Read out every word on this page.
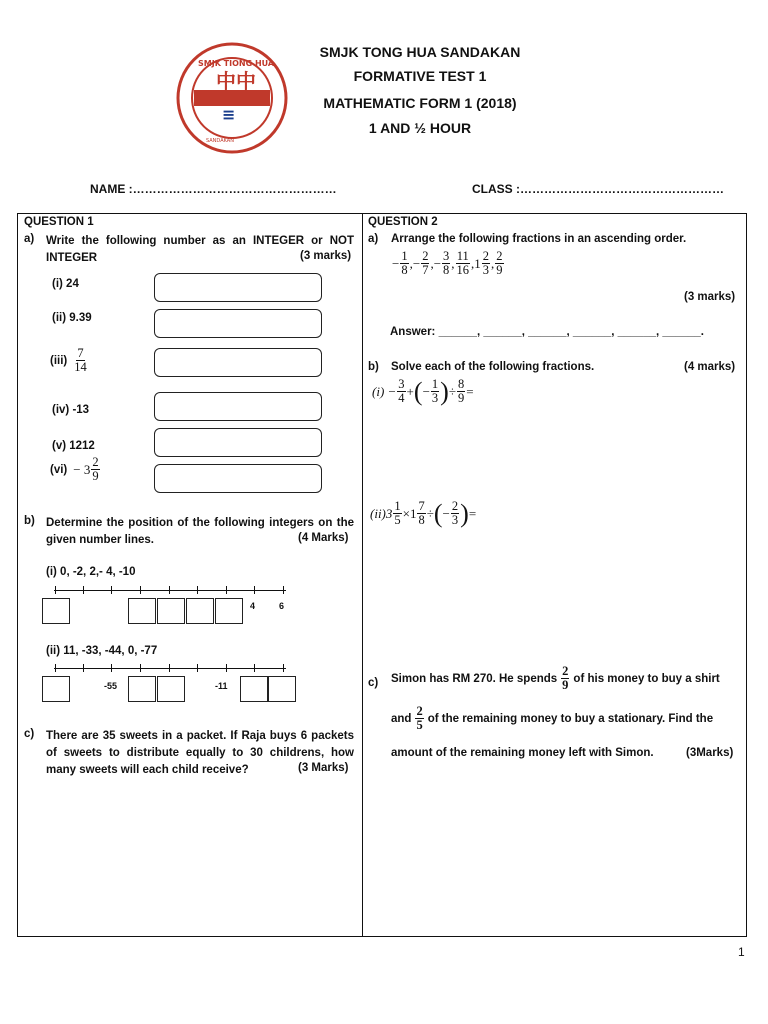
中中
≡
SMJK TIONG HUA
SANDAKAN
SMJK TONG HUA SANDAKAN
FORMATIVE TEST 1
MATHEMATIC FORM 1 (2018)
1 AND ½ HOUR
NAME :……………………………………………	CLASS :……………………………………………
QUESTION 1
a) Write the following number as an INTEGER or NOT INTEGER	(3 marks)
(i) 24
(ii) 9.39
$(iii) \frac{7}{14}$
(iv) -13
(v) 1212
$(vi) - 3 \frac{2}{9}$
b) Determine the position of the following integers on the given number lines.	(4 Marks)
(i) 0, -2, 2,- 4, -10
4	6
(ii) 11, -33, -44, 0, -77
-55	-11
c) There are 35 sweets in a packet. If Raja buys 6 packets of sweets to distribute equally to 30 childrens, how many sweets will each child receive?	(3 Marks)
QUESTION 2
a) Arrange the following fractions in an ascending order.
− $\frac{1}{8}$ ,− $\frac{2}{7}$ ,− $\frac{3}{8}$ , $\frac{11}{16} ,1 \frac{2}{3}$ , $\frac{2}{9}$
(3 marks)
Answer: ______, ______, ______, ______, ______, ______.
b) Solve each of the following fractions.	(4 marks)
$(i) - \frac{3}{4}$ + ( − $\frac{1}{3}$ ) ÷ $\frac{8}{9}$ =
$(ii)3 \frac{1}{5} \times 1 \frac{7}{8}$ ÷ ( − $\frac{2}{3}$ ) =
c) Simon has RM 270. He spends $\frac{2}{9}$ of his money to buy a shirt
and $\frac{2}{5}$ of the remaining money to buy a stationary. Find the
amount of the remaining money left with Simon.	(3Marks)
1
